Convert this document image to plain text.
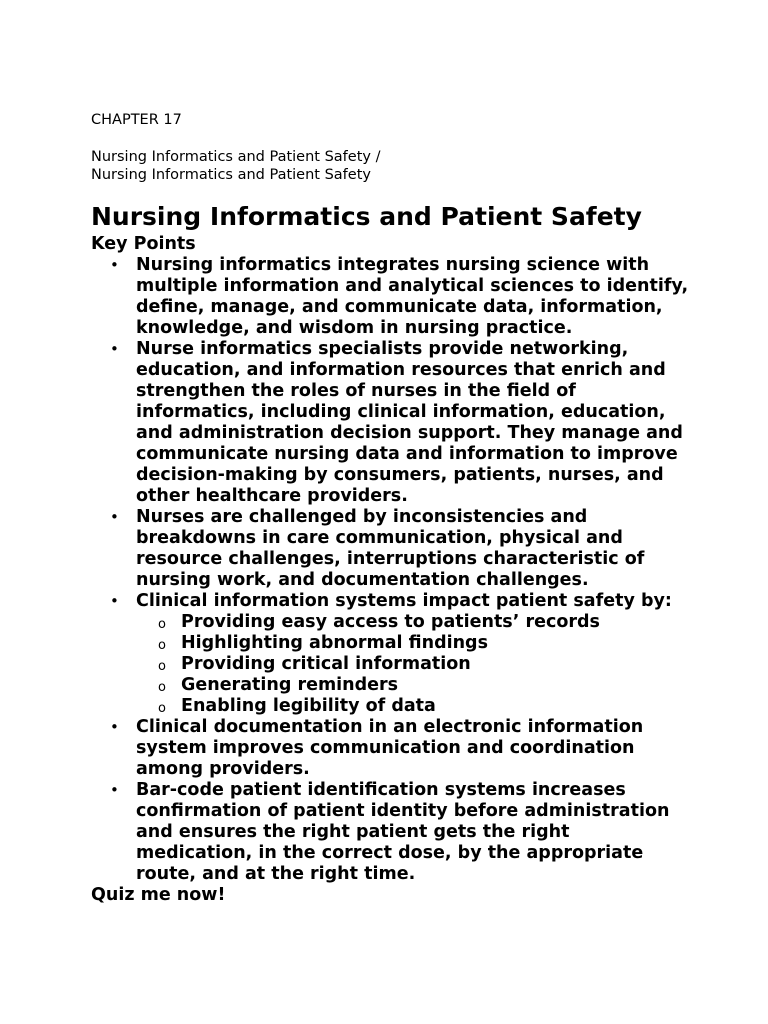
CHAPTER 17
Nursing Informatics and Patient Safety /
Nursing Informatics and Patient Safety
Nursing Informatics and Patient Safety
Key Points
• Nursing informatics integrates nursing science with multiple information and analytical sciences to identify, define, manage, and communicate data, information, knowledge, and wisdom in nursing practice.
• Nurse informatics specialists provide networking, education, and information resources that enrich and strengthen the roles of nurses in the field of informatics, including clinical information, education, and administration decision support. They manage and communicate nursing data and information to improve decision-making by consumers, patients, nurses, and other healthcare providers.
• Nurses are challenged by inconsistencies and breakdowns in care communication, physical and resource challenges, interruptions characteristic of nursing work, and documentation challenges.
• Clinical information systems impact patient safety by:
o Providing easy access to patients’ records
o Highlighting abnormal findings
o Providing critical information
o Generating reminders
o Enabling legibility of data
• Clinical documentation in an electronic information system improves communication and coordination among providers.
• Bar-code patient identification systems increases confirmation of patient identity before administration and ensures the right patient gets the right medication, in the correct dose, by the appropriate route, and at the right time.
Quiz me now!
